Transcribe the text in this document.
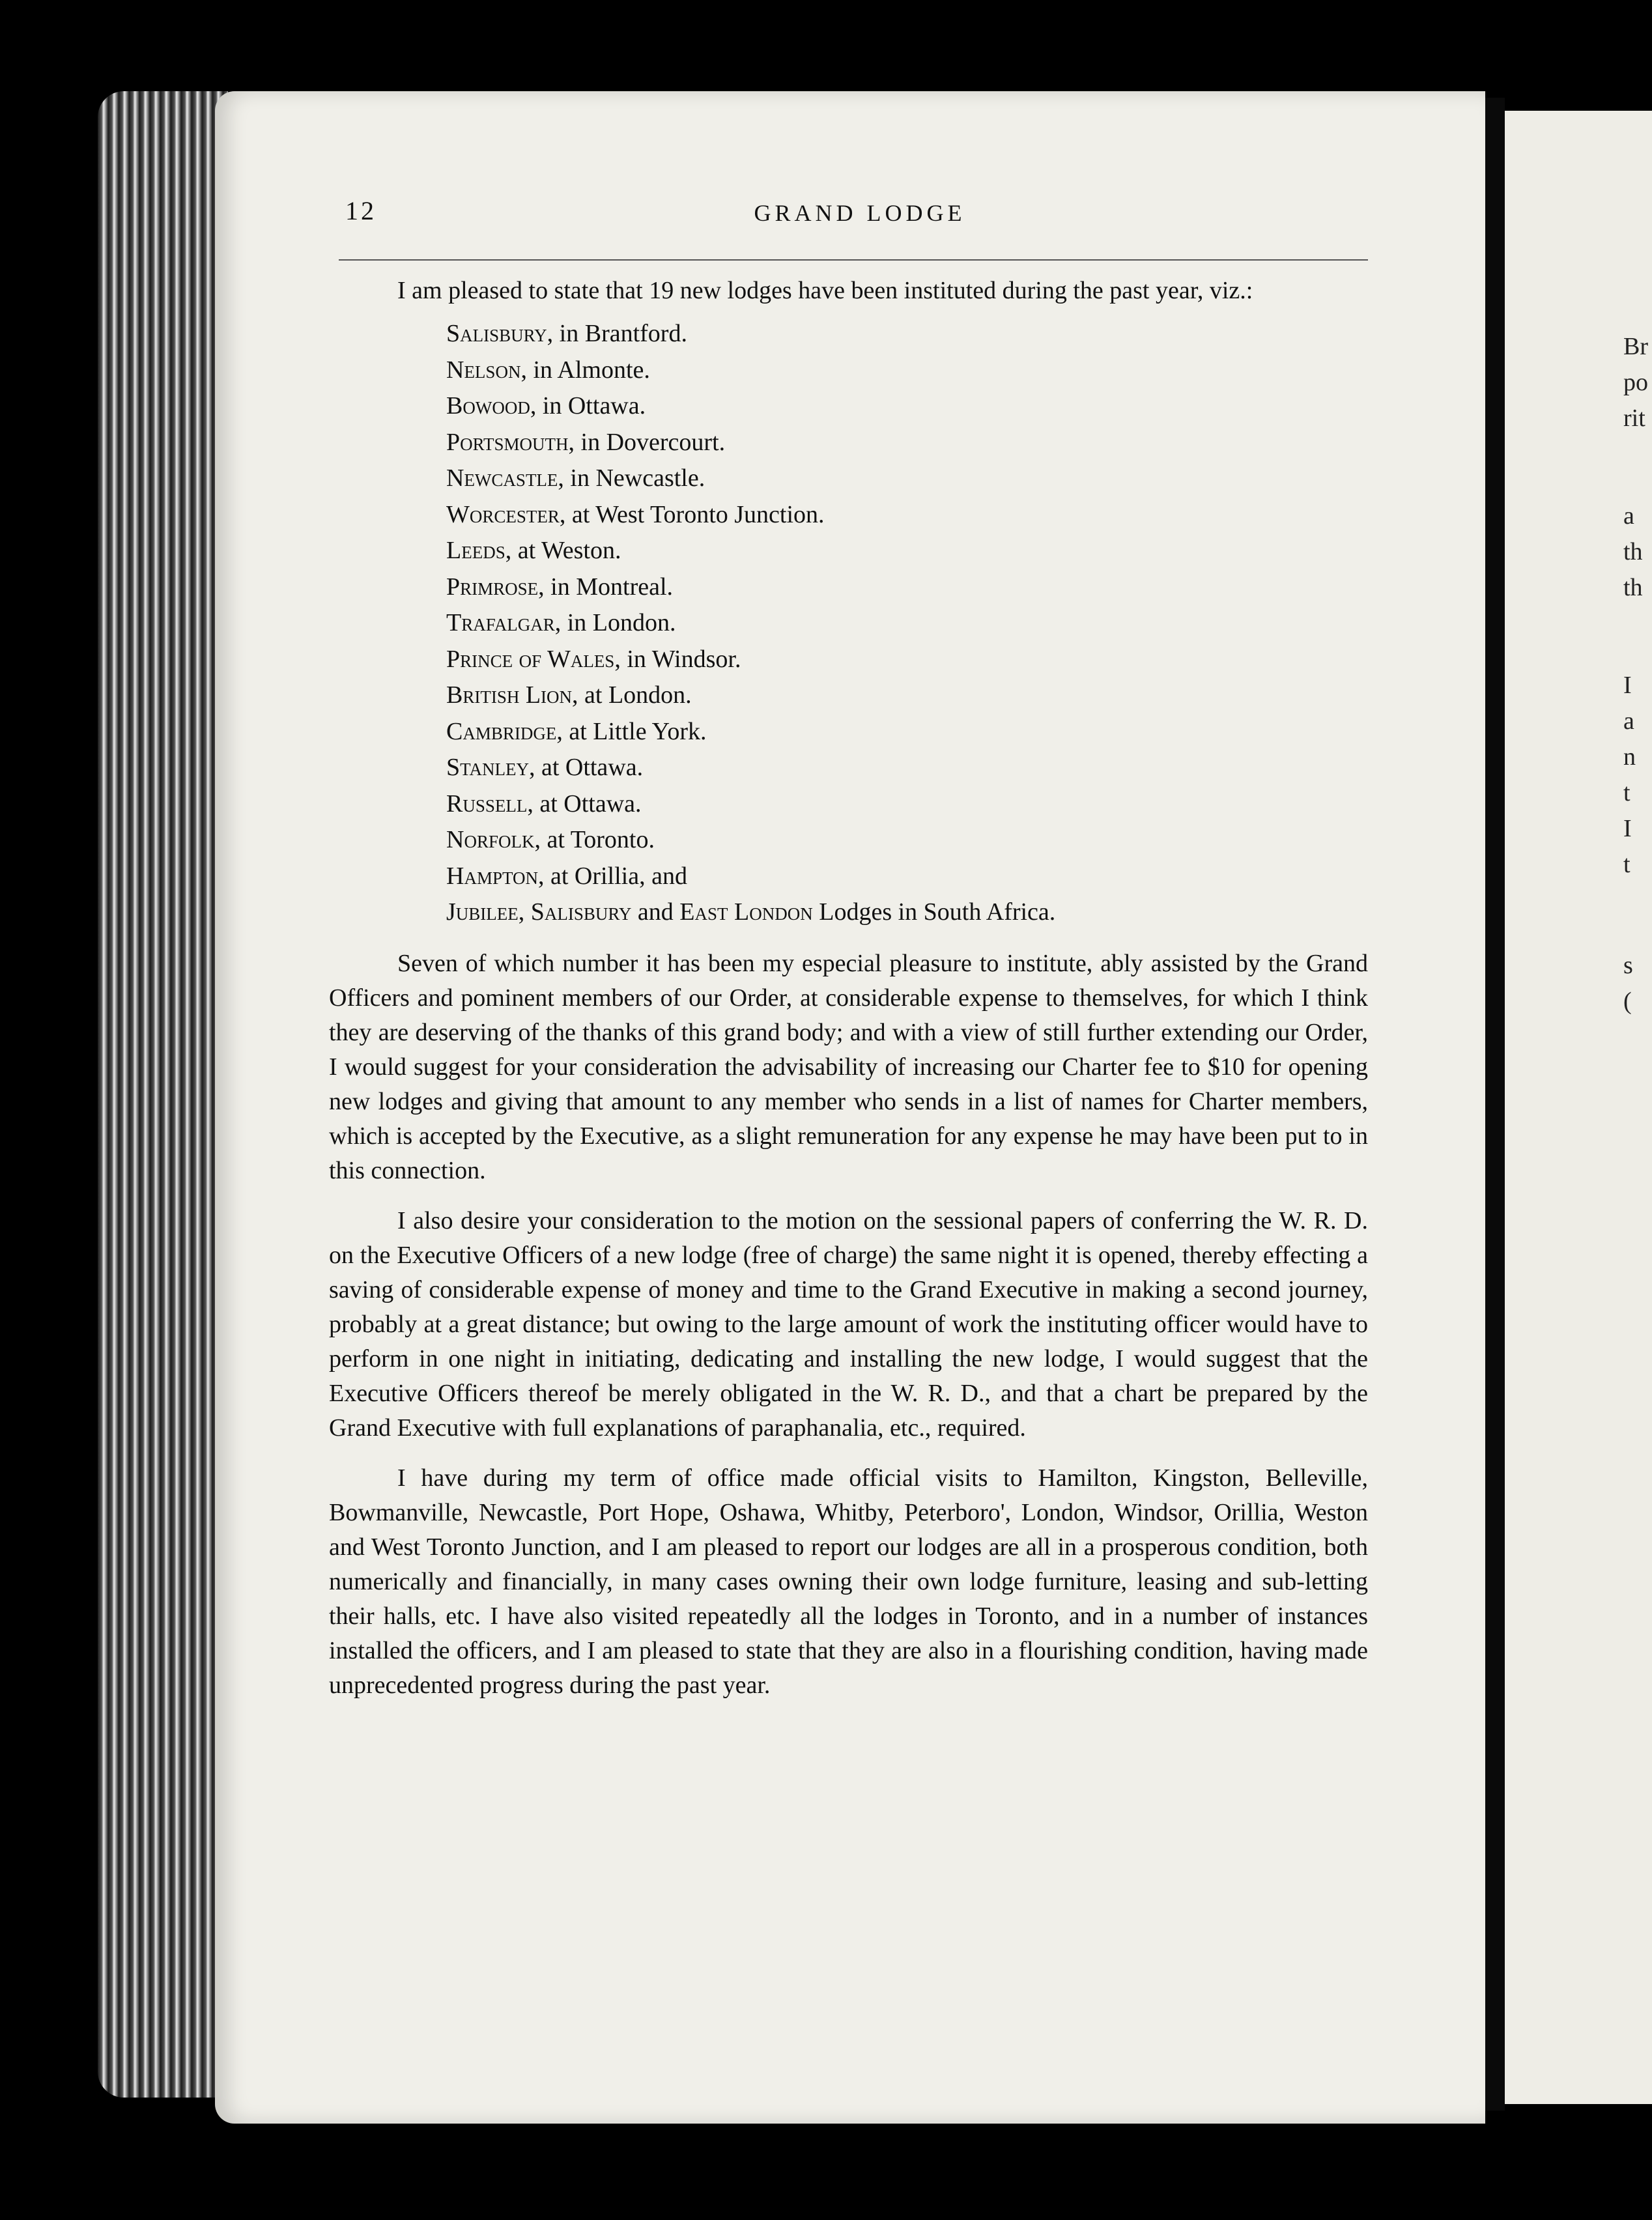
Br
po
rit
a
th
th
I
a
n
t
I
t
s
(
12	GRAND LODGE

I am pleased to state that 19 new lodges have been instituted during the past year, viz.:

Salisbury, in Brantford.
Nelson, in Almonte.
Bowood, in Ottawa.
Portsmouth, in Dovercourt.
Newcastle, in Newcastle.
Worcester, at West Toronto Junction.
Leeds, at Weston.
Primrose, in Montreal.
Trafalgar, in London.
Prince of Wales, in Windsor.
British Lion, at London.
Cambridge, at Little York.
Stanley, at Ottawa.
Russell, at Ottawa.
Norfolk, at Toronto.
Hampton, at Orillia, and
Jubilee, Salisbury and East London Lodges in South Africa.

Seven of which number it has been my especial pleasure to institute, ably assisted by the Grand Officers and pominent members of our Order, at considerable expense to themselves, for which I think they are deserving of the thanks of this grand body; and with a view of still further extending our Order, I would suggest for your consideration the advisability of increasing our Charter fee to $10 for opening new lodges and giving that amount to any member who sends in a list of names for Charter members, which is accepted by the Executive, as a slight remuneration for any expense he may have been put to in this connection.

I also desire your consideration to the motion on the sessional papers of conferring the W. R. D. on the Executive Officers of a new lodge (free of charge) the same night it is opened, thereby effecting a saving of considerable expense of money and time to the Grand Executive in making a second journey, probably at a great distance; but owing to the large amount of work the instituting officer would have to perform in one night in initiating, dedicating and installing the new lodge, I would suggest that the Executive Officers thereof be merely obligated in the W. R. D., and that a chart be prepared by the Grand Executive with full explanations of paraphanalia, etc., required.

I have during my term of office made official visits to Hamilton, Kingston, Belleville, Bowmanville, Newcastle, Port Hope, Oshawa, Whitby, Peterboro', London, Windsor, Orillia, Weston and West Toronto Junction, and I am pleased to report our lodges are all in a prosperous condition, both numerically and financially, in many cases owning their own lodge furniture, leasing and sub-letting their halls, etc. I have also visited repeatedly all the lodges in Toronto, and in a number of instances installed the officers, and I am pleased to state that they are also in a flourishing condition, having made unprecedented progress during the past year.
